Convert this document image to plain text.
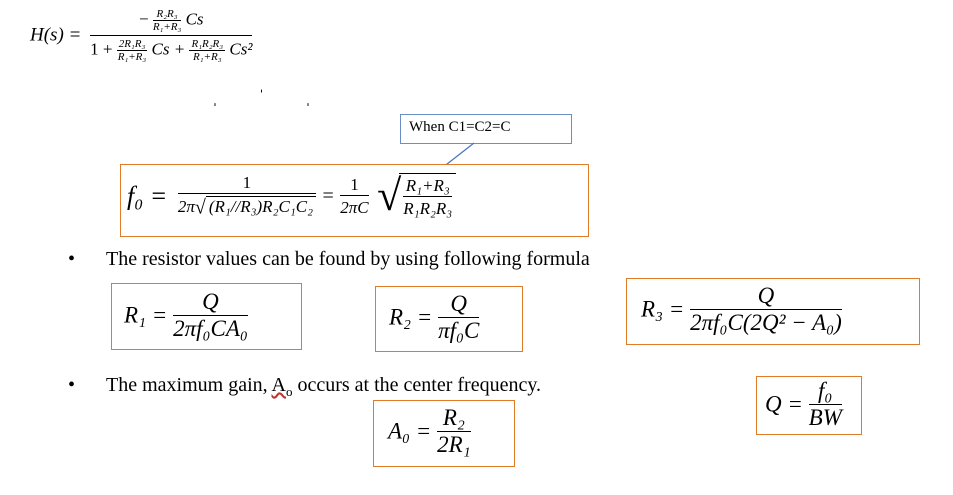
H(s) =
− $\frac{\text{R₂R₃}}{\text{R₁+R₃}}$ Cs
$1 + \frac{\text{2R₁R₃}}{\text{R₁+R₃}}$ $Cs + \frac{\text{R₁R₂R₃}}{\text{R₁+R₃}} Cs^2$
ˌ ˈ ˌ
When C1=C2=C
$f_0 = \frac{1}{\text{2π√ (R₁//R₃)R₂C₁C₂}} = \frac{1}{2\pi C}$ √
$\frac{\text{R₁+R₃}}{\text{R₁R₂R₃}}$
• The resistor values can be found by using following formula
$R_1 = \frac{Q}{\text{2πf₀CA₀}}$	$R_2 = \frac{Q}{\text{πf₀C}}$	$R_3 = \frac{Q}{\text{2πf₀C(2Q² − A₀)}}$
• The maximum gain, $A_o$ occurs at the center frequency.
$A_0 = \frac{\text{R₂}}{\text{2R₁}}$
$Q = \frac{\text{f₀}}{BW}$
